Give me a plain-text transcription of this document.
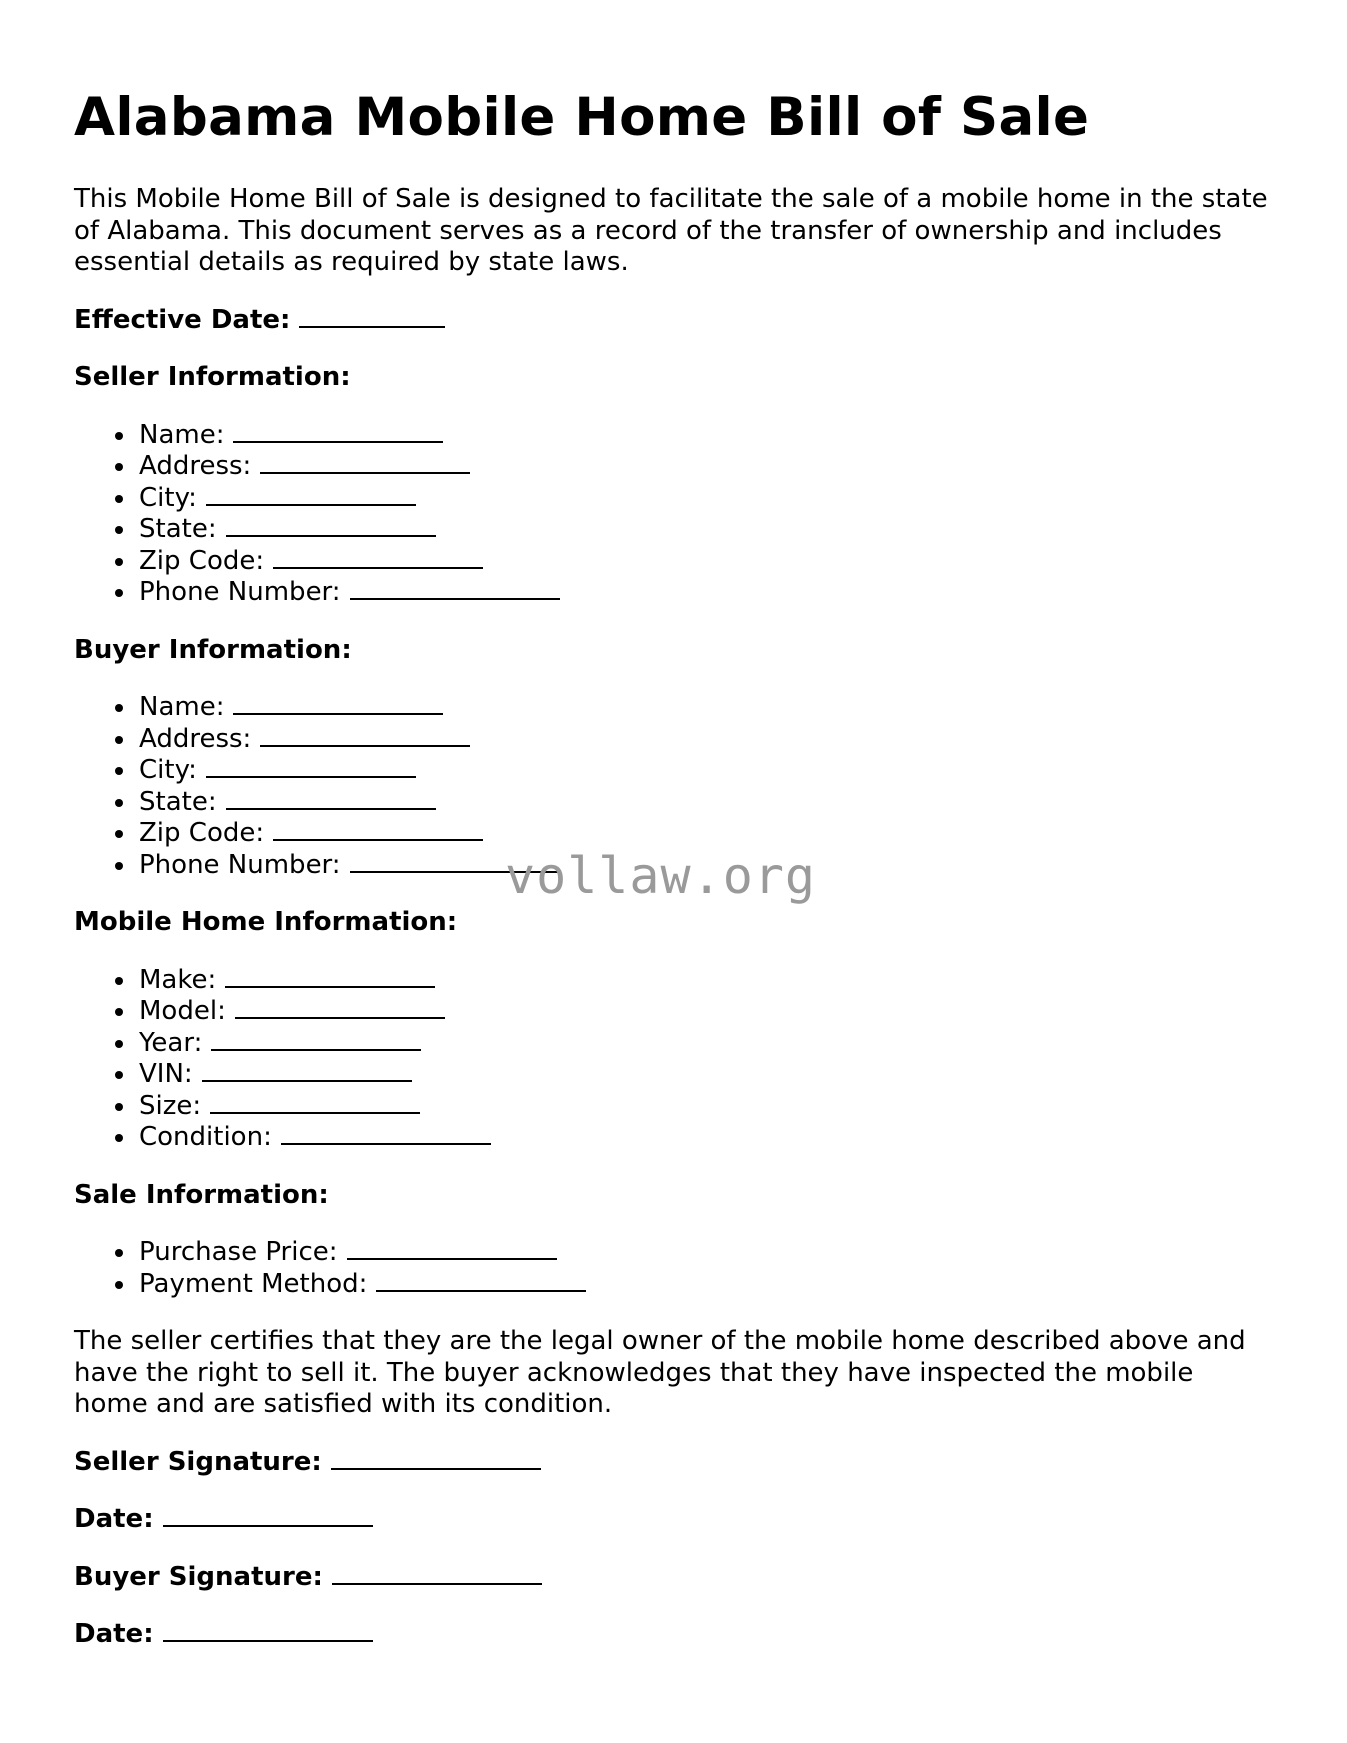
Alabama Mobile Home Bill of Sale

This Mobile Home Bill of Sale is designed to facilitate the sale of a mobile home in the state of Alabama. This document serves as a record of the transfer of ownership and includes essential details as required by state laws.

Effective Date:
Seller Information:
Name:
Address:
City:
State:
Zip Code:
Phone Number:
Buyer Information:
Name:
Address:
City:
State:
Zip Code:
Phone Number:
Mobile Home Information:
Make:
Model:
Year:
VIN:
Size:
Condition:
Sale Information:
Purchase Price:
Payment Method:

The seller certifies that they are the legal owner of the mobile home described above and have the right to sell it. The buyer acknowledges that they have inspected the mobile home and are satisfied with its condition.

Seller Signature:
Date:
Buyer Signature:
Date:
vollaw.org
